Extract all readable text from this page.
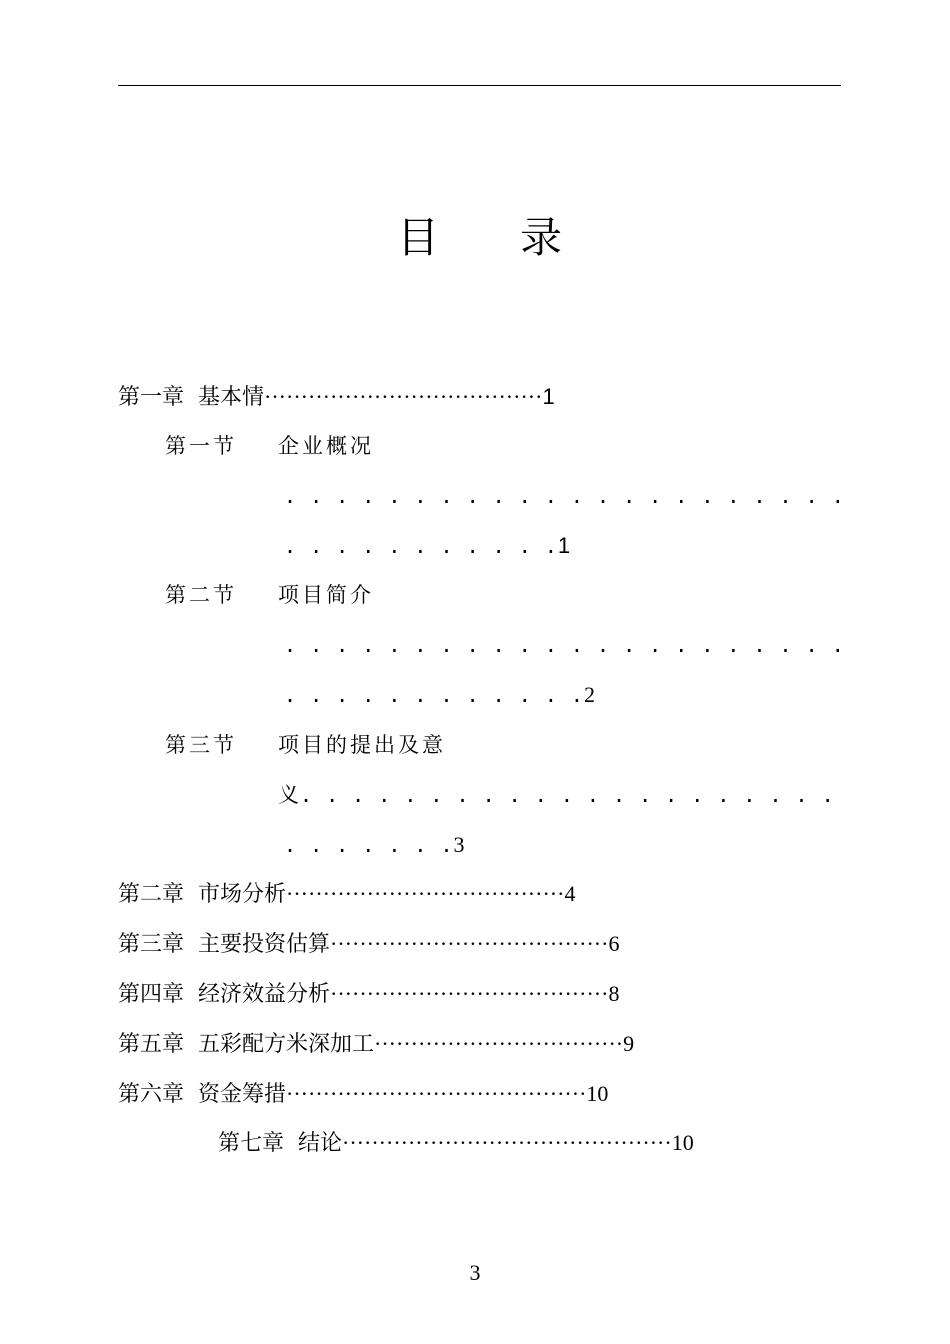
目 录
第一章 基本情······································1
第一节 企业概况
. . . . . . . . . . . . . . . . . . . . . .
. . . . . . . . . . .1
第二节 项目简介
. . . . . . . . . . . . . . . . . . . . . .
. . . . . . . . . . . .2
第三节 项目的提出及意
义. . . . . . . . . . . . . . . . . . . . .
. . . . . . .3
第二章 市场分析······································4
第三章 主要投资估算······································6
第四章 经济效益分析······································8
第五章 五彩配方米深加工··································9
第六章 资金筹措·········································10
第七章 结论·············································10
3
